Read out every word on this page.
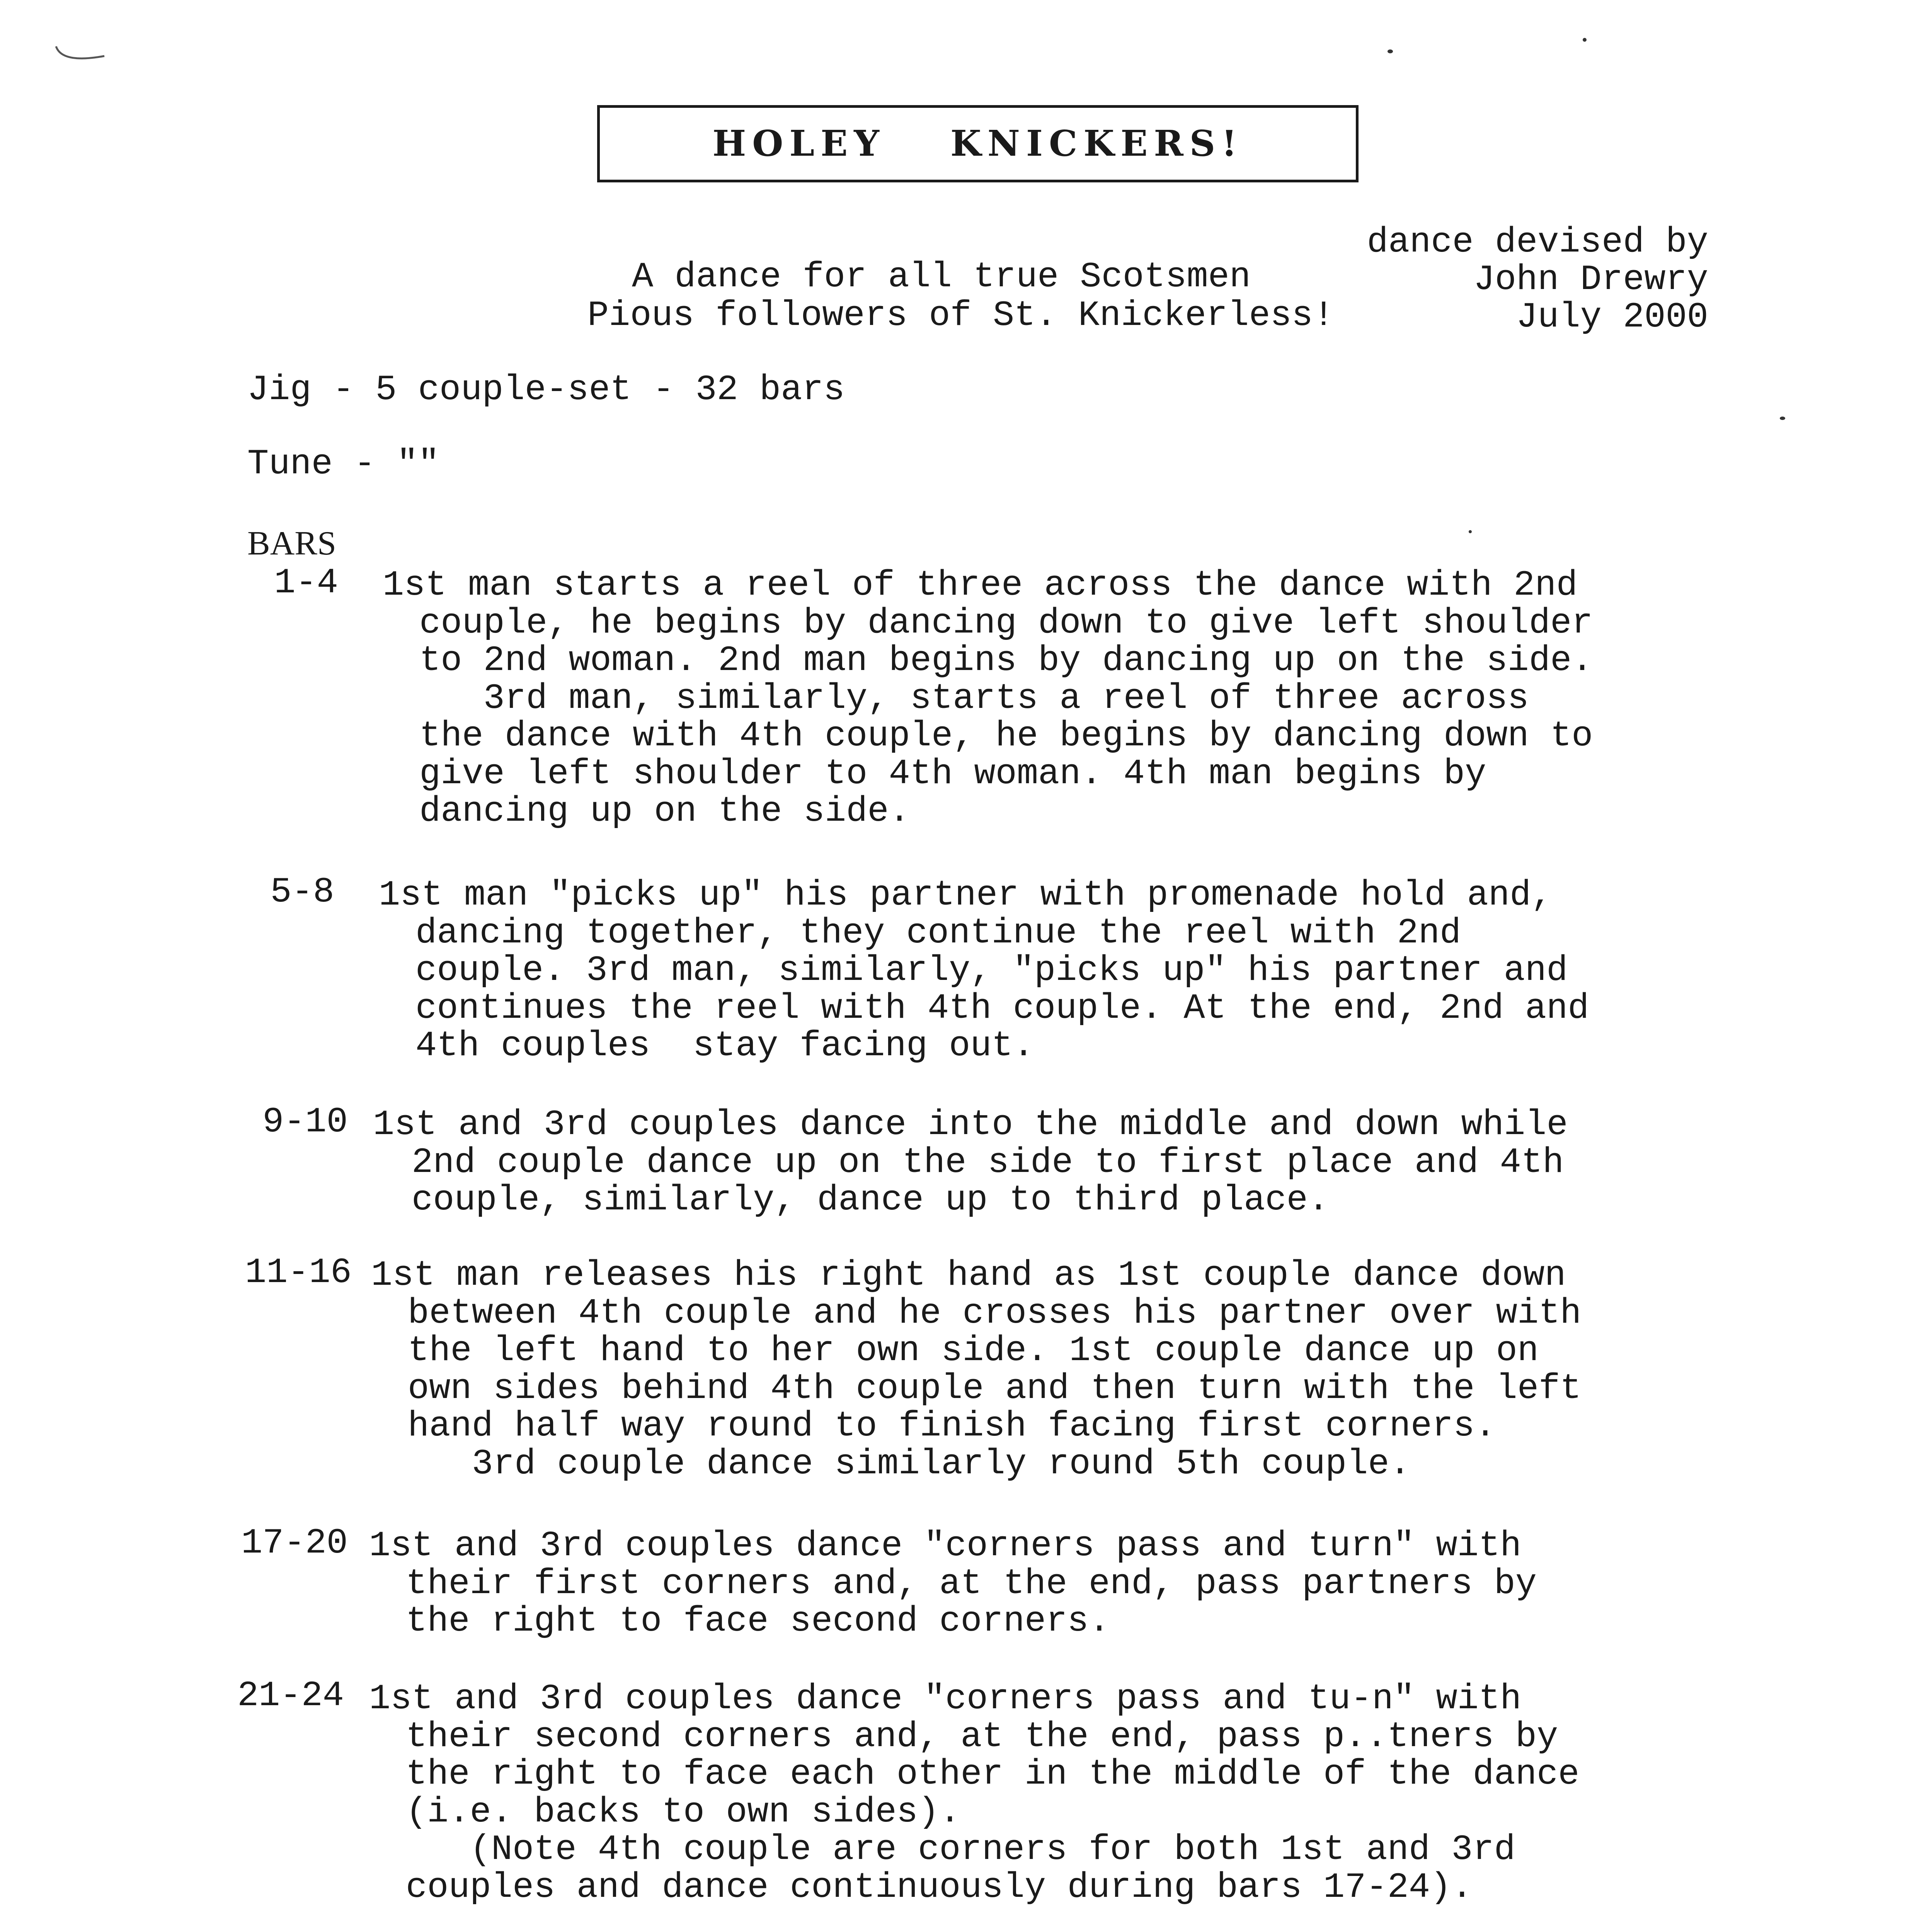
HOLEY KNICKERS!
dance devised by
John Drewry
July 2000
A dance for all true Scotsmen
Pious followers of St. Knickerless!
Jig - 5 couple-set - 32 bars
Tune - ""
BARS
1-4 1st man starts a reel of three across the dance with 2nd
couple, he begins by dancing down to give left shoulder
to 2nd woman. 2nd man begins by dancing up on the side.
3rd man, similarly, starts a reel of three across
the dance with 4th couple, he begins by dancing down to
give left shoulder to 4th woman. 4th man begins by
dancing up on the side.
5-8 1st man "picks up" his partner with promenade hold and,
dancing together, they continue the reel with 2nd
couple. 3rd man, similarly, "picks up" his partner and
continues the reel with 4th couple. At the end, 2nd and
4th couples  stay facing out.
9-10 1st and 3rd couples dance into the middle and down while
2nd couple dance up on the side to first place and 4th
couple, similarly, dance up to third place.
11-16 1st man releases his right hand as 1st couple dance down
between 4th couple and he crosses his partner over with
the left hand to her own side. 1st couple dance up on
own sides behind 4th couple and then turn with the left
hand half way round to finish facing first corners.
3rd couple dance similarly round 5th couple.
17-20 1st and 3rd couples dance "corners pass and turn" with
their first corners and, at the end, pass partners by
the right to face second corners.
21-24 1st and 3rd couples dance "corners pass and tu-n" with
their second corners and, at the end, pass p..tners by
the right to face each other in the middle of the dance
(i.e. backs to own sides).
(Note 4th couple are corners for both 1st and 3rd
couples and dance continuously during bars 17-24).
